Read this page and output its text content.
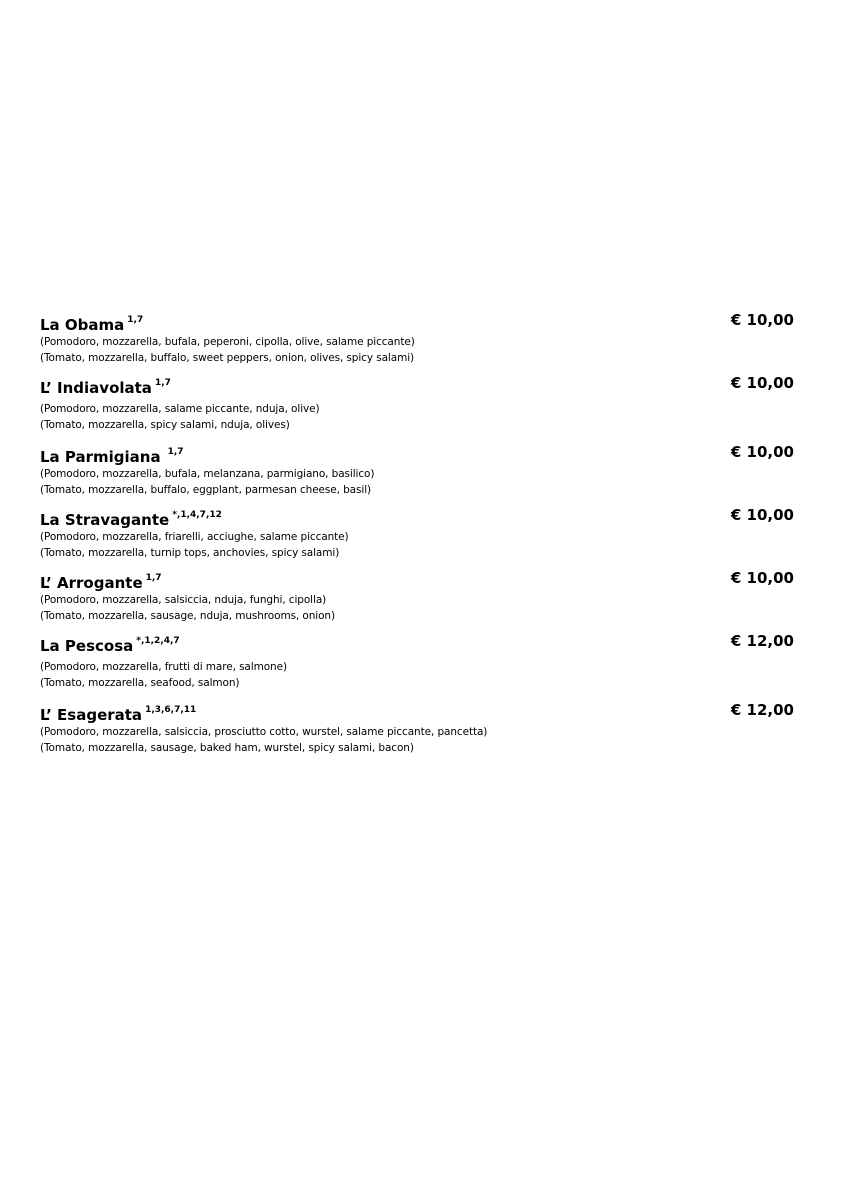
La Obama $^{1,7}$	€ 10,00
(Pomodoro, mozzarella, bufala, peperoni, cipolla, olive, salame piccante)
(Tomato, mozzarella, buffalo, sweet peppers, onion, olives, spicy salami)
L’ Indiavolata $^{1,7}$	€ 10,00
(Pomodoro, mozzarella, salame piccante, nduja, olive)
(Tomato, mozzarella, spicy salami, nduja, olives)
La Parmigiana $^{1,7}$	€ 10,00
(Pomodoro, mozzarella, bufala, melanzana, parmigiano, basilico)
(Tomato, mozzarella, buffalo, eggplant, parmesan cheese, basil)
La Stravagante $^{*,1,4,7,12}$	€ 10,00
(Pomodoro, mozzarella, friarelli, acciughe, salame piccante)
(Tomato, mozzarella, turnip tops, anchovies, spicy salami)
L’ Arrogante $^{1,7}$	€ 10,00
(Pomodoro, mozzarella, salsiccia, nduja, funghi, cipolla)
(Tomato, mozzarella, sausage, nduja, mushrooms, onion)
La Pescosa $^{*,1,2,4,7}$	€ 12,00
(Pomodoro, mozzarella, frutti di mare, salmone)
(Tomato, mozzarella, seafood, salmon)
L’ Esagerata $^{1,3,6,7,11}$	€ 12,00
(Pomodoro, mozzarella, salsiccia, prosciutto cotto, wurstel, salame piccante, pancetta)
(Tomato, mozzarella, sausage, baked ham, wurstel, spicy salami, bacon)
